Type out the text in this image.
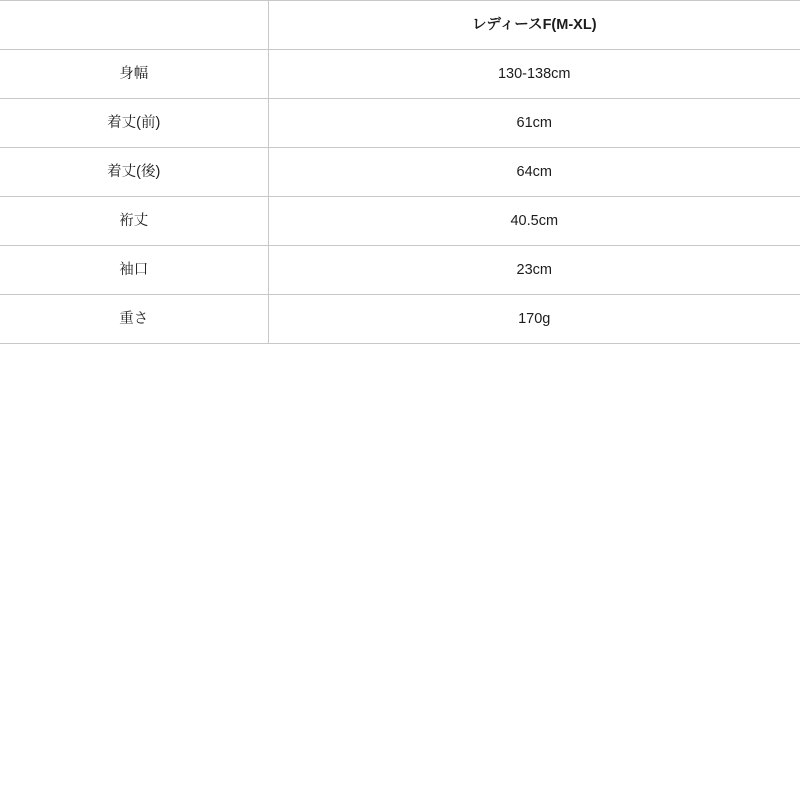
	レディースF(M-XL)
身幅	130-138cm
着丈(前)	61cm
着丈(後)	64cm
裄丈	40.5cm
袖口	23cm
重さ	170g
